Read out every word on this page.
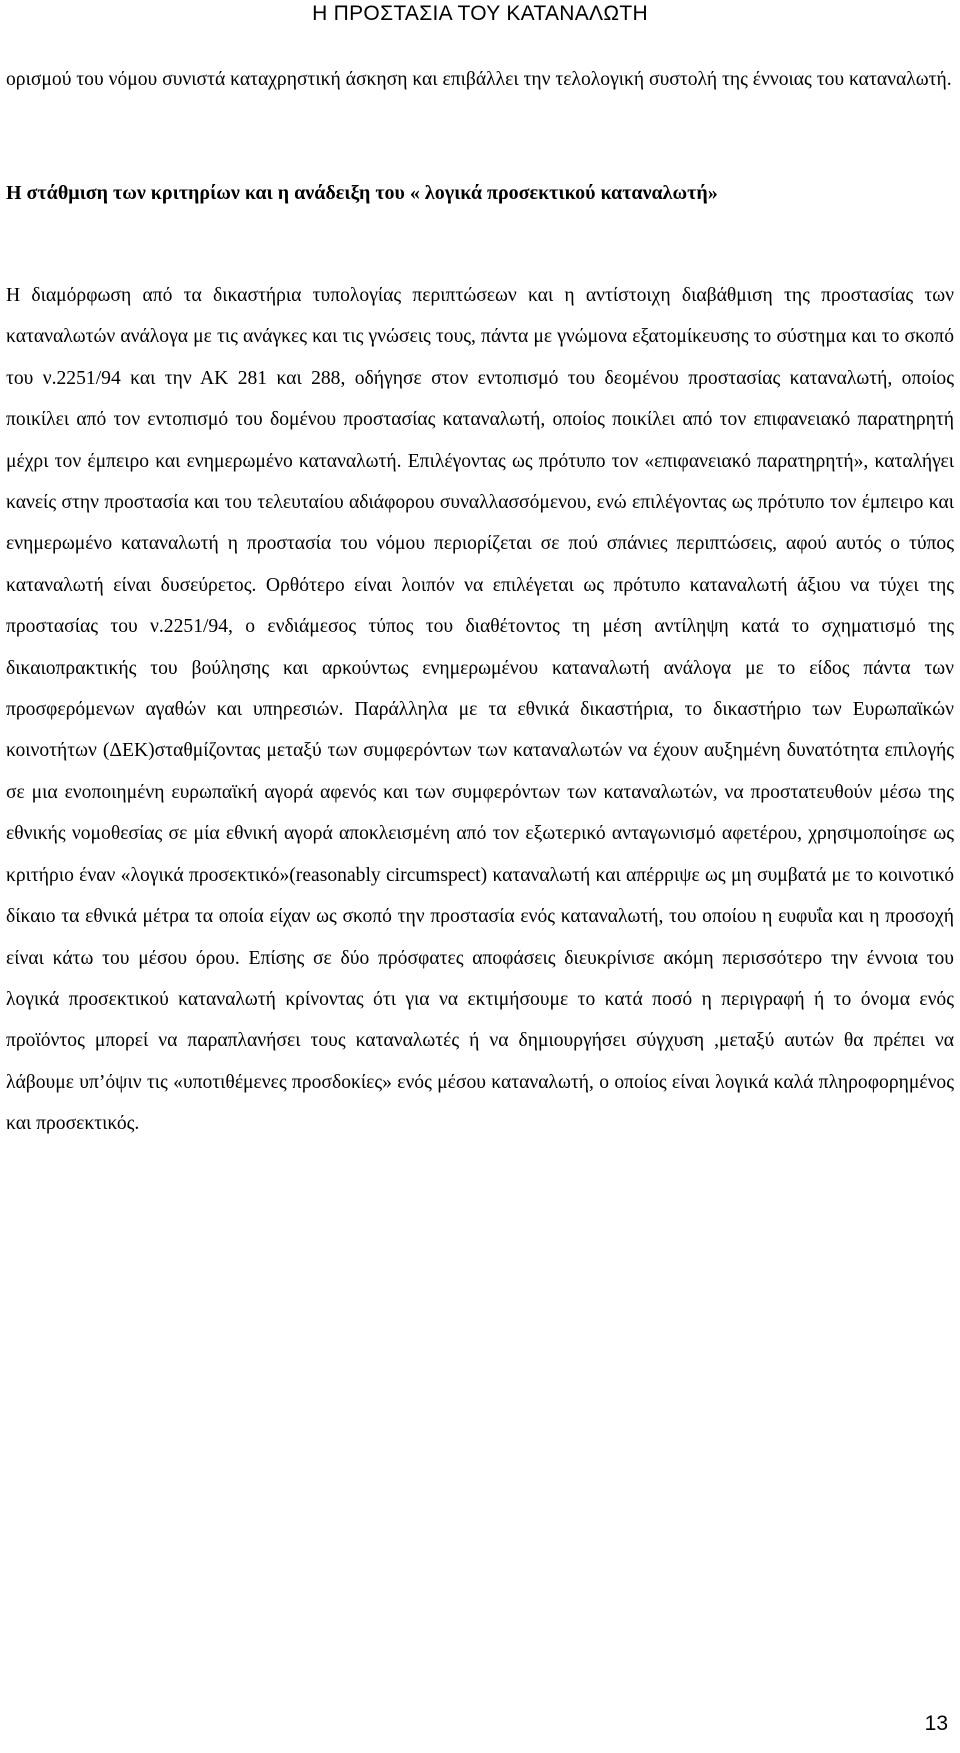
Η ΠΡΟΣΤΑΣΙΑ ΤΟΥ ΚΑΤΑΝΑΛΩΤΗ

ορισμού του νόμου συνιστά καταχρηστική άσκηση και επιβάλλει την τελολογική συστολή της έννοιας του καταναλωτή.

Η στάθμιση των κριτηρίων και η ανάδειξη του « λογικά προσεκτικού καταναλωτή»

Η διαμόρφωση από τα δικαστήρια τυπολογίας περιπτώσεων και η αντίστοιχη διαβάθμιση της προστασίας των καταναλωτών ανάλογα με τις ανάγκες και τις γνώσεις τους, πάντα με γνώμονα εξατομίκευσης το σύστημα και το σκοπό του ν.2251/94 και την ΑΚ 281 και 288, οδήγησε στον εντοπισμό του δεομένου προστασίας καταναλωτή, οποίος ποικίλει από τον εντοπισμό του δομένου προστασίας καταναλωτή, οποίος ποικίλει από τον επιφανειακό παρατηρητή μέχρι τον έμπειρο και ενημερωμένο καταναλωτή. Επιλέγοντας ως πρότυπο τον «επιφανειακό παρατηρητή», καταλήγει κανείς στην προστασία και του τελευταίου αδιάφορου συναλλασσόμενου, ενώ επιλέγοντας ως πρότυπο τον έμπειρο και ενημερωμένο καταναλωτή η προστασία του νόμου περιορίζεται σε πού σπάνιες περιπτώσεις, αφού αυτός ο τύπος καταναλωτή είναι δυσεύρετος. Ορθότερο είναι λοιπόν να επιλέγεται ως πρότυπο καταναλωτή άξιου να τύχει της προστασίας του ν.2251/94, ο ενδιάμεσος τύπος του διαθέτοντος τη μέση αντίληψη κατά το σχηματισμό της δικαιοπρακτικής του βούλησης και αρκούντως ενημερωμένου καταναλωτή ανάλογα με το είδος πάντα των προσφερόμενων αγαθών και υπηρεσιών. Παράλληλα με τα εθνικά δικαστήρια, το δικαστήριο των Ευρωπαϊκών κοινοτήτων (ΔΕΚ)σταθμίζοντας μεταξύ των συμφερόντων των καταναλωτών να έχουν αυξημένη δυνατότητα επιλογής σε μια ενοποιημένη ευρωπαϊκή αγορά αφενός και των συμφερόντων των καταναλωτών, να προστατευθούν μέσω της εθνικής νομοθεσίας σε μία εθνική αγορά αποκλεισμένη από τον εξωτερικό ανταγωνισμό αφετέρου, χρησιμοποίησε ως κριτήριο έναν «λογικά προσεκτικό»(reasonably circumspect) καταναλωτή και απέρριψε ως μη συμβατά με το κοινοτικό δίκαιο τα εθνικά μέτρα τα οποία είχαν ως σκοπό την προστασία ενός καταναλωτή, του οποίου η ευφυΐα και η προσοχή είναι κάτω του μέσου όρου. Επίσης σε δύο πρόσφατες αποφάσεις διευκρίνισε ακόμη περισσότερο την έννοια του λογικά προσεκτικού καταναλωτή κρίνοντας ότι για να εκτιμήσουμε το κατά ποσό η περιγραφή ή το όνομα ενός προϊόντος μπορεί να παραπλανήσει τους καταναλωτές ή να δημιουργήσει σύγχυση ,μεταξύ αυτών θα πρέπει να λάβουμε υπ’όψιν τις «υποτιθέμενες προσδοκίες» ενός μέσου καταναλωτή, ο οποίος είναι λογικά καλά πληροφορημένος και προσεκτικός.

13
